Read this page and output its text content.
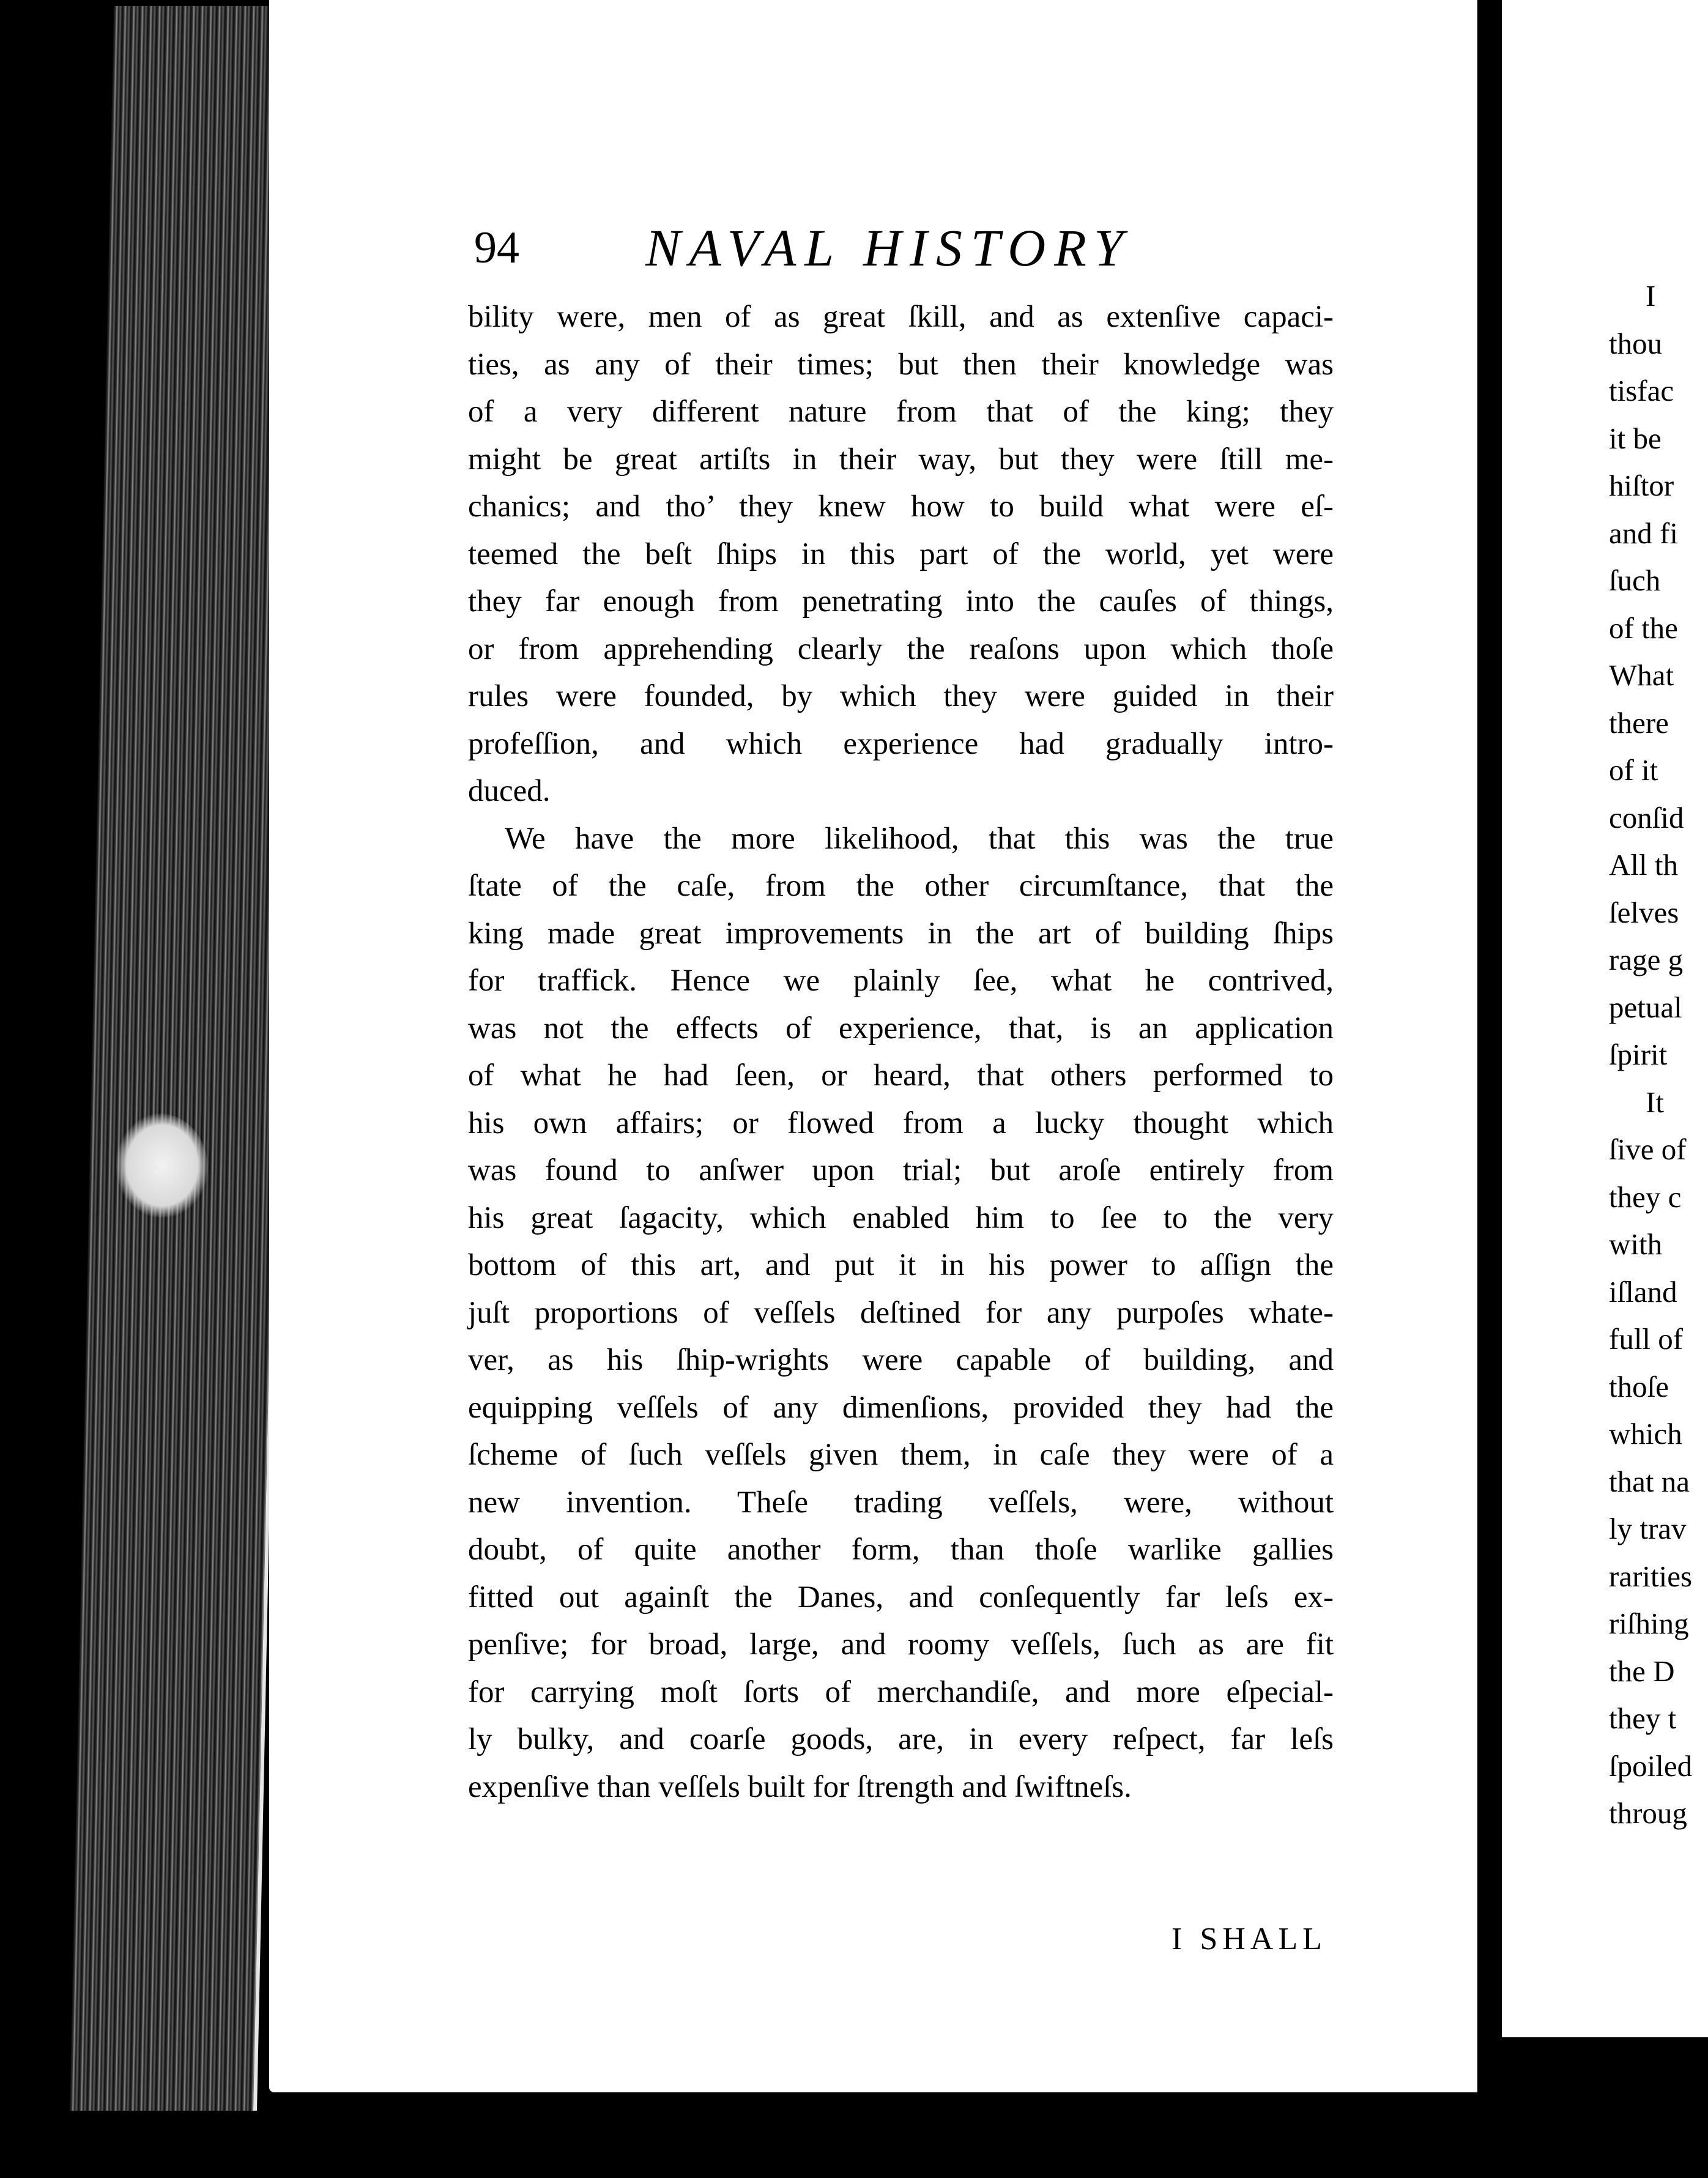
94 NAVAL HISTORY
bility were, men of as great ſkill, and as extenſive capaci-
ties, as any of their times; but then their knowledge was
of a very different nature from that of the king; they
might be great artiſts in their way, but they were ſtill me-
chanics; and tho’ they knew how to build what were eſ-
teemed the beſt ſhips in this part of the world, yet were
they far enough from penetrating into the cauſes of things,
or from apprehending clearly the reaſons upon which thoſe
rules were founded, by which they were guided in their
profeſſion, and which experience had gradually intro-
duced.
We have the more likelihood, that this was the true
ſtate of the caſe, from the other circumſtance, that the
king made great improvements in the art of building ſhips
for traffick. Hence we plainly ſee, what he contrived,
was not the effects of experience, that, is an application
of what he had ſeen, or heard, that others performed to
his own affairs; or flowed from a lucky thought which
was found to anſwer upon trial; but aroſe entirely from
his great ſagacity, which enabled him to ſee to the very
bottom of this art, and put it in his power to aſſign the
juſt proportions of veſſels deſtined for any purpoſes whate-
ver, as his ſhip-wrights were capable of building, and
equipping veſſels of any dimenſions, provided they had the
ſcheme of ſuch veſſels given them, in caſe they were of a
new invention. Theſe trading veſſels, were, without
doubt, of quite another form, than thoſe warlike gallies
fitted out againſt the Danes, and conſequently far leſs ex-
penſive; for broad, large, and roomy veſſels, ſuch as are fit
for carrying moſt ſorts of merchandiſe, and more eſpecial-
ly bulky, and coarſe goods, are, in every reſpect, far leſs
expenſive than veſſels built for ſtrength and ſwiftneſs.
I SHALL
I
thou
tisfac
it be
hiſtor
and fi
ſuch
of the
What
there
of it
conſid
All th
ſelves
rage g
petual
ſpirit
It
ſive of
they c
with
iſland
full of
thoſe
which
that na
ly trav
rarities
riſhing
the D
they t
ſpoiled
throug
